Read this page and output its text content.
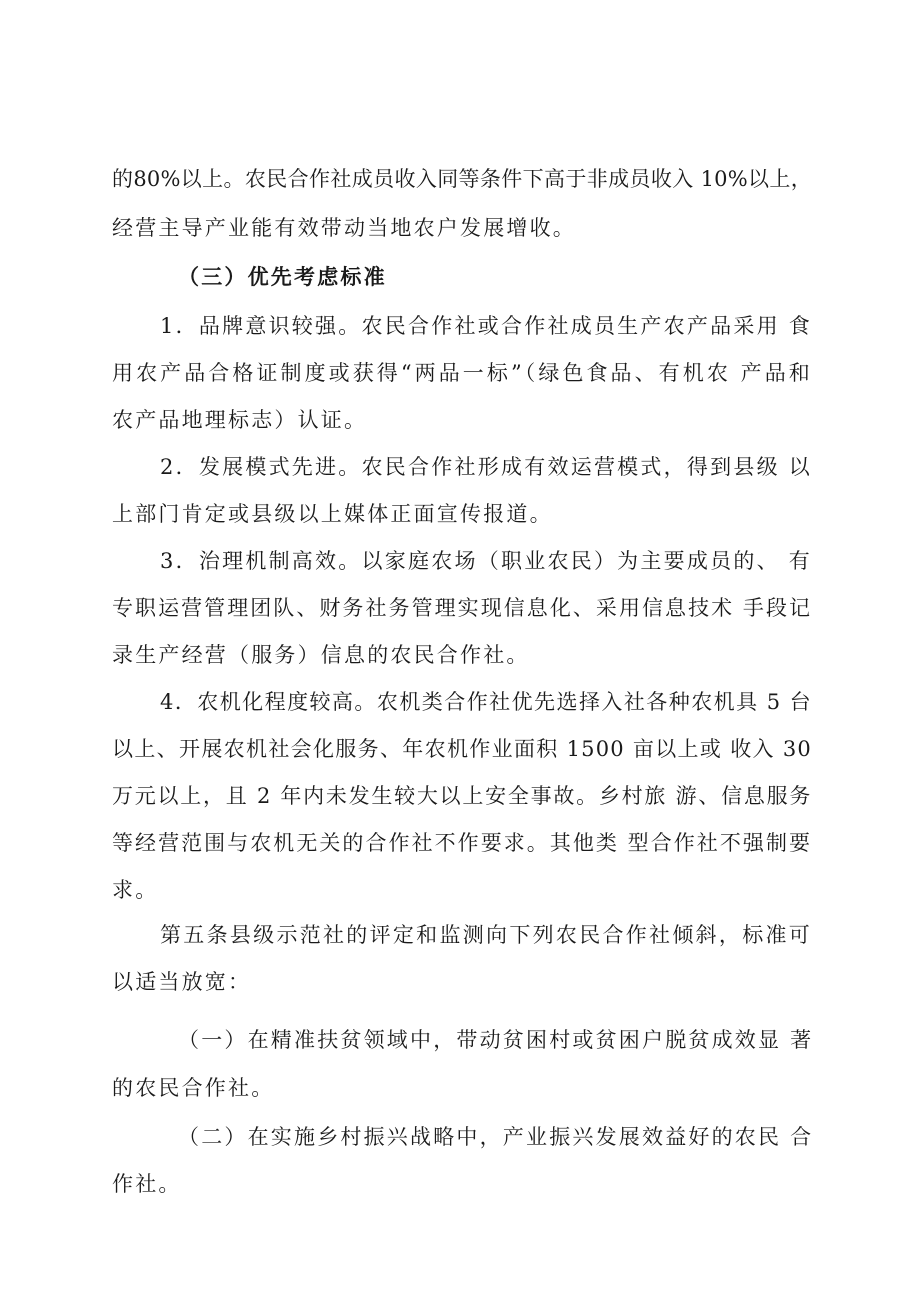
的80%以上。农民合作社成员收入同等条件下高于非成员收入 10%以上，
经营主导产业能有效带动当地农户发展增收。
（三）优先考虑标准
1．品牌意识较强。农民合作社或合作社成员生产农产品采用 食
用农产品合格证制度或获得“两品一标”（绿色食品、有机农 产品和
农产品地理标志）认证。
2．发展模式先进。农民合作社形成有效运营模式，得到县级 以
上部门肯定或县级以上媒体正面宣传报道。
3．治理机制高效。以家庭农场（职业农民）为主要成员的、 有
专职运营管理团队、财务社务管理实现信息化、采用信息技术 手段记
录生产经营（服务）信息的农民合作社。
4．农机化程度较高。农机类合作社优先选择入社各种农机具 5 台
以上、开展农机社会化服务、年农机作业面积 1500 亩以上或 收入 30
万元以上，且 2 年内未发生较大以上安全事故。乡村旅 游、信息服务
等经营范围与农机无关的合作社不作要求。其他类 型合作社不强制要
求。
第五条县级示范社的评定和监测向下列农民合作社倾斜，标准可
以适当放宽：
（一）在精准扶贫领域中，带动贫困村或贫困户脱贫成效显 著
的农民合作社。
（二）在实施乡村振兴战略中，产业振兴发展效益好的农民 合
作社。
